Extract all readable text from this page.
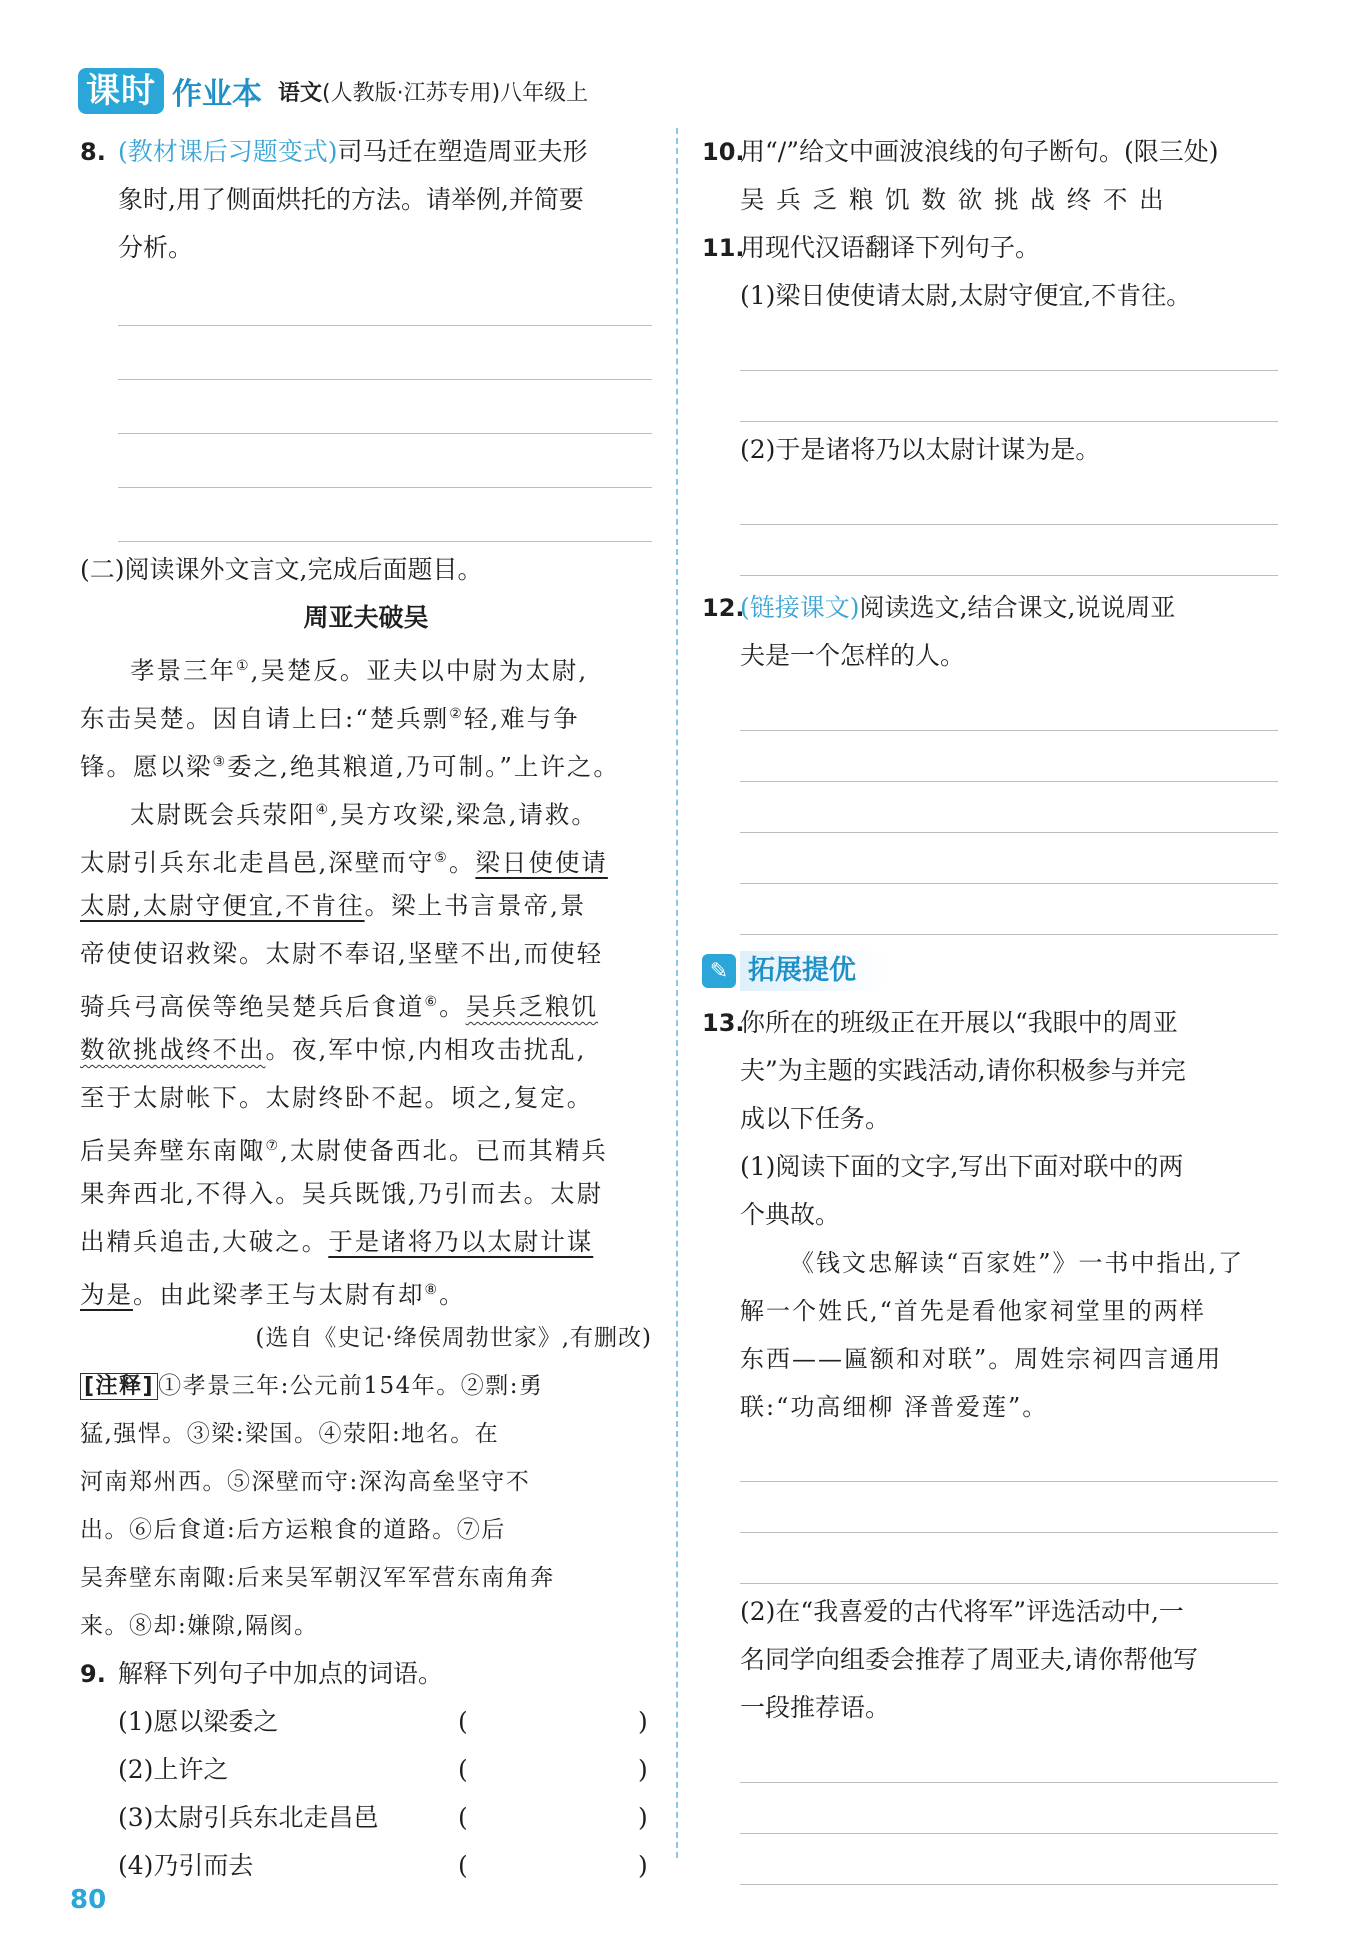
课时 作业本 语文(人教版·江苏专用)八年级上
8. (教材课后习题变式)司马迁在塑造周亚夫形
象时,用了侧面烘托的方法。请举例,并简要
分析。
(二)阅读课外文言文,完成后面题目。
周亚夫破吴
孝景三年①,吴楚反。亚夫以中尉为太尉,
东击吴楚。因自请上曰:“楚兵剽②轻,难与争
锋。愿以梁③委之,绝其粮道,乃可制。”上许之。
太尉既会兵荥阳④,吴方攻梁,梁急,请救。
太尉引兵东北走昌邑,深壁而守⑤。梁日使使请
太尉,太尉守便宜,不肯往。梁上书言景帝,景
帝使使诏救梁。太尉不奉诏,坚壁不出,而使轻
骑兵弓高侯等绝吴楚兵后食道⑥。吴兵乏粮饥
数欲挑战终不出。夜,军中惊,内相攻击扰乱,
至于太尉帐下。太尉终卧不起。顷之,复定。
后吴奔壁东南陬⑦,太尉使备西北。已而其精兵
果奔西北,不得入。吴兵既饿,乃引而去。太尉
出精兵追击,大破之。于是诸将乃以太尉计谋
为是。由此梁孝王与太尉有却⑧。
(选自《史记·绛侯周勃世家》,有删改)
[注释] ①孝景三年:公元前154年。②剽:勇
猛,强悍。③梁:梁国。④荥阳:地名。在
河南郑州西。⑤深壁而守:深沟高垒坚守不
出。⑥后食道:后方运粮食的道路。⑦后
吴奔壁东南陬:后来吴军朝汉军军营东南角奔
来。⑧却:嫌隙,隔阂。
9. 解释下列句子中加点的词语。
(1)愿以梁委之	(	)
(2)上许之	(	)
(3)太尉引兵东北走昌邑	(	)
(4)乃引而去	(	)
10.
用“/”给文中画波浪线的句子断句。(限三处)
吴 兵 乏 粮 饥 数 欲 挑 战 终 不 出
11.
用现代汉语翻译下列句子。
(1)梁日使使请太尉,太尉守便宜,不肯往。
(2)于是诸将乃以太尉计谋为是。
12.
(链接课文)阅读选文,结合课文,说说周亚
夫是一个怎样的人。
✎ 拓展提优
13.
你所在的班级正在开展以“我眼中的周亚
夫”为主题的实践活动,请你积极参与并完
成以下任务。
(1)阅读下面的文字,写出下面对联中的两
个典故。
《钱文忠解读“百家姓”》一书中指出,了
解一个姓氏,“首先是看他家祠堂里的两样
东西——匾额和对联”。周姓宗祠四言通用
联:“功高细柳 泽普爱莲”。
(2)在“我喜爱的古代将军”评选活动中,一
名同学向组委会推荐了周亚夫,请你帮他写
一段推荐语。
80
